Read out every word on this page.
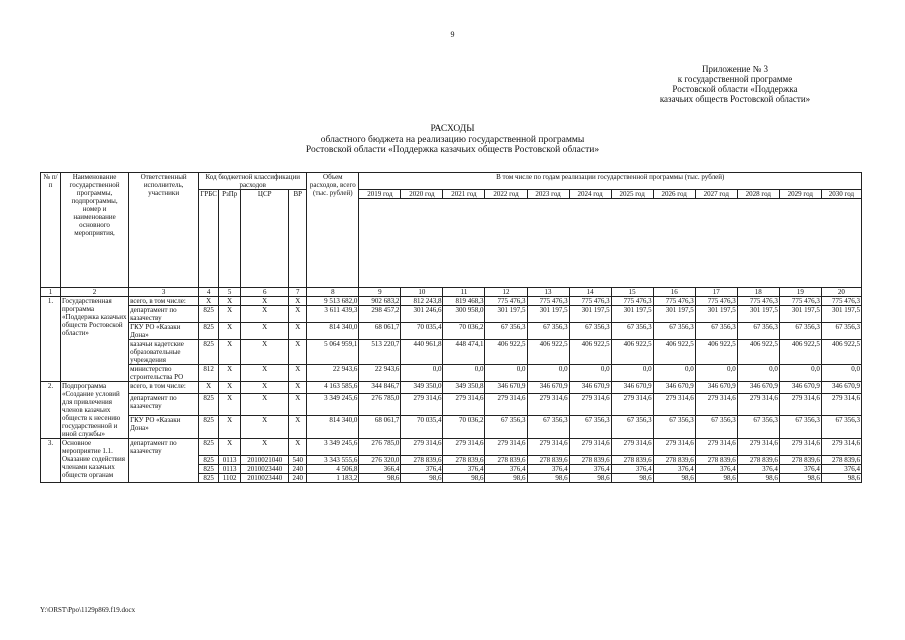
9
Приложение № 3
к государственной программе
Ростовской области «Поддержка
казачьих обществ Ростовской области»
РАСХОДЫ
областного бюджета на реализацию государственной программы
Ростовской области «Поддержка казачьих обществ Ростовской области»
№ п/п	Наименование государственной программы, подпрограммы, номер и наименование основного мероприятия,	Ответственный исполнитель, участники	Код бюджетной классификации расходов				Объем расходов, всего (тыс. рублей)	В том числе по годам реализации государственной программы (тыс. рублей)											
			ГРБС	РзПр	ЦСР	ВР		2019 год	2020 год	2021 год	2022 год	2023 год	2024 год	2025 год	2026 год	2027 год	2028 год	2029 год	2030 год

1	2	3	4	5	6	7	8	9	10	11	12	13	14	15	16	17	18	19	20
1.	Государственная программа «Поддержка казачьих обществ Ростовской области»	всего, в том числе:	X	X	X	X	9 513 682,0	902 683,2	812 243,8	819 468,3	775 476,3	775 476,3	775 476,3	775 476,3	775 476,3	775 476,3	775 476,3	775 476,3	775 476,3
		департамент по казачеству	825	X	X	X	3 611 439,3	298 457,2	301 246,6	300 958,0	301 197,5	301 197,5	301 197,5	301 197,5	301 197,5	301 197,5	301 197,5	301 197,5	301 197,5
		ГКУ РО «Казаки Дона»	825	X	X	X	814 340,0	68 061,7	70 035,4	70 036,2	67 356,3	67 356,3	67 356,3	67 356,3	67 356,3	67 356,3	67 356,3	67 356,3	67 356,3
		казачьи кадетские образовательные учреждения	825	X	X	X	5 064 959,1	513 220,7	440 961,8	448 474,1	406 922,5	406 922,5	406 922,5	406 922,5	406 922,5	406 922,5	406 922,5	406 922,5	406 922,5
		министерство строительства РО	812	X	X	X	22 943,6	22 943,6	0,0	0,0	0,0	0,0	0,0	0,0	0,0	0,0	0,0	0,0	0,0
2.	Подпрограмма «Создание условий для привлечения членов казачьих обществ к несению государственной и иной службы»	всего, в том числе:	X	X	X	X	4 163 585,6	344 846,7	349 350,0	349 350,8	346 670,9	346 670,9	346 670,9	346 670,9	346 670,9	346 670,9	346 670,9	346 670,9	346 670,9
		департамент по казачеству	825	X	X	X	3 349 245,6	276 785,0	279 314,6	279 314,6	279 314,6	279 314,6	279 314,6	279 314,6	279 314,6	279 314,6	279 314,6	279 314,6	279 314,6
		ГКУ РО «Казаки Дона»	825	X	X	X	814 340,0	68 061,7	70 035,4	70 036,2	67 356,3	67 356,3	67 356,3	67 356,3	67 356,3	67 356,3	67 356,3	67 356,3	67 356,3
3.	Основное мероприятие 1.1. Оказание содействия членами казачьих обществ органам	департамент по казачеству	825	X	X	X	3 349 245,6	276 785,0	279 314,6	279 314,6	279 314,6	279 314,6	279 314,6	279 314,6	279 314,6	279 314,6	279 314,6	279 314,6	279 314,6
			825	0113	2010021040	540	3 343 555,6	276 320,0	278 839,6	278 839,6	278 839,6	278 839,6	278 839,6	278 839,6	278 839,6	278 839,6	278 839,6	278 839,6	278 839,6
			825	0113	2010023440	240	4 506,8	366,4	376,4	376,4	376,4	376,4	376,4	376,4	376,4	376,4	376,4	376,4	376,4
			825	1102	2010023440	240	1 183,2	98,6	98,6	98,6	98,6	98,6	98,6	98,6	98,6	98,6	98,6	98,6	98,6
Y:\ORST\Ppo\1129p869.f19.docx
